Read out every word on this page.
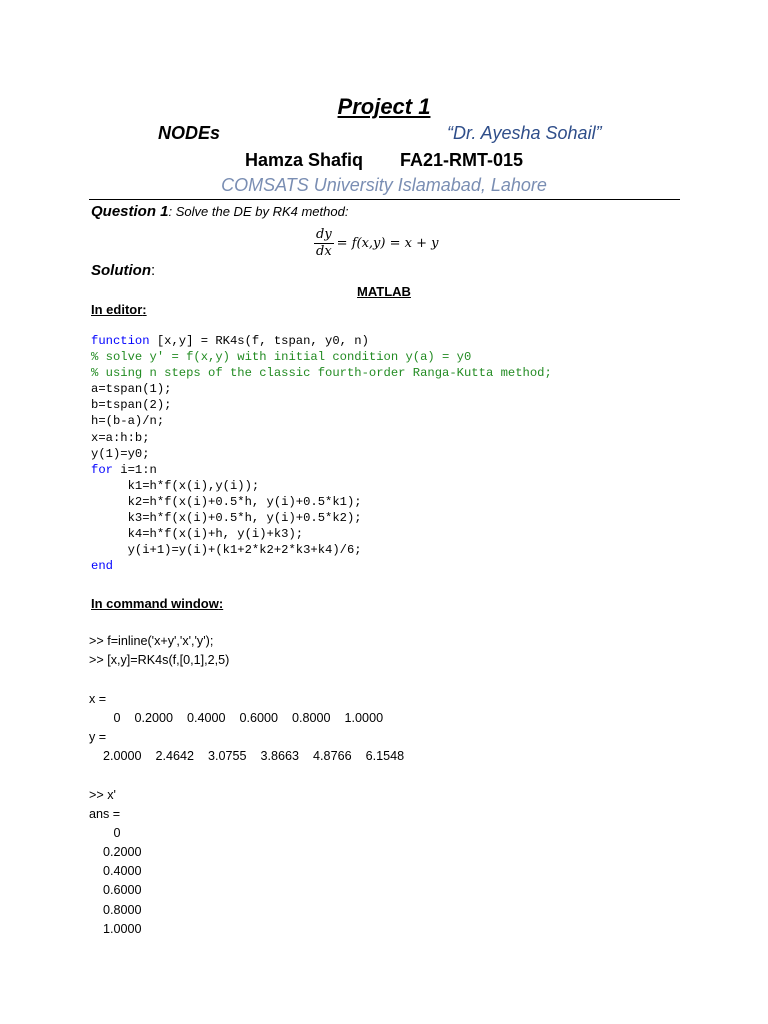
Project 1
NODEs	“Dr. Ayesha Sohail”
Hamza Shafiq FA21-RMT-015
COMSATS University Islamabad, Lahore
Question 1: Solve the DE by RK4 method:
$\frac{dy}{dx} = f(x,y) = x + y$
Solution:
MATLAB
In editor:
function [x,y] = RK4s(f, tspan, y0, n)
% solve y' = f(x,y) with initial condition y(a) = y0
% using n steps of the classic fourth-order Ranga-Kutta method;
a=tspan(1);
b=tspan(2);
h=(b-a)/n;
x=a:h:b;
y(1)=y0;
for i=1:n
k1=h*f(x(i),y(i));
k2=h*f(x(i)+0.5*h, y(i)+0.5*k1);
k3=h*f(x(i)+0.5*h, y(i)+0.5*k2);
k4=h*f(x(i)+h, y(i)+k3);
y(i+1)=y(i)+(k1+2*k2+2*k3+k4)/6;
end
In command window:
>> f=inline('x+y','x','y');
>> [x,y]=RK4s(f,[0,1],2,5)
x =
0    0.2000    0.4000    0.6000    0.8000    1.0000
y =
2.0000    2.4642    3.0755    3.8663    4.8766    6.1548
>> x'
ans =
0
0.2000
0.4000
0.6000
0.8000
1.0000
